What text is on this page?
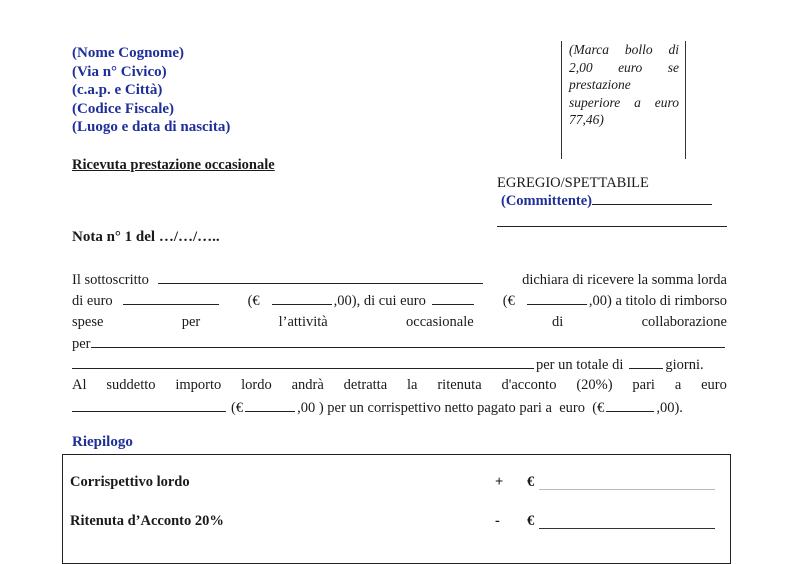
(Nome Cognome)
(Via n° Civico)
(c.a.p. e Città)
(Codice Fiscale)
(Luogo e data di nascita)
(Marca bollo di 2,00 euro se prestazione superiore a euro 77,46)
Ricevuta prestazione occasionale
EGREGIO/SPETTABILE
(Committente)
Nota n° 1 del …/…/…..
Il sottoscritto	dichiara di ricevere la somma lorda
di euro	(€	,00), di cui euro	(€	,00) a titolo di rimborso
spese	per	l’attività	occasionale	di	collaborazione
per
per un totale di	giorni.
Al suddetto importo lordo andrà detratta la ritenuta d'acconto (20%) pari a euro
(€	,00 ) per un corrispettivo netto pagato pari a  euro  (€	,00).
Riepilogo
Corrispettivo lordo	+ €
Ritenuta d’Acconto 20%	- €
